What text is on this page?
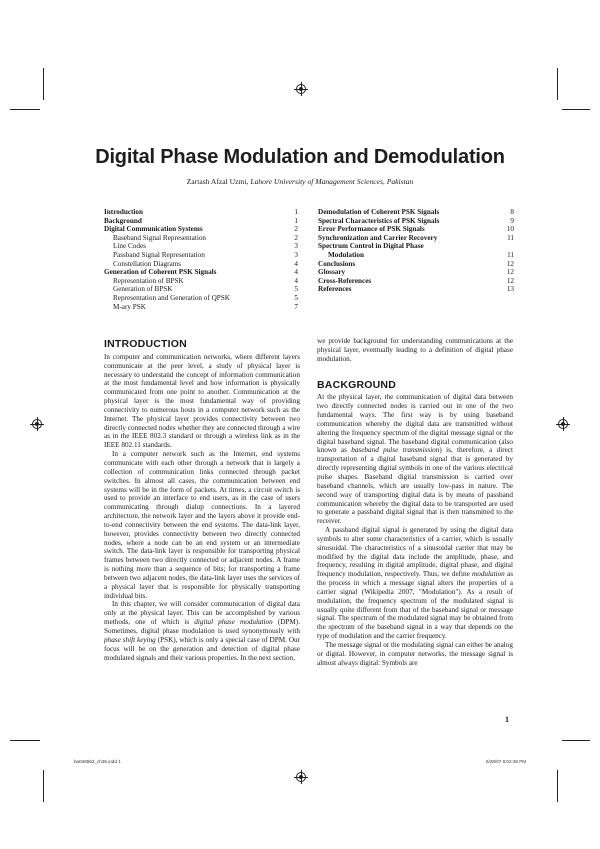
Digital Phase Modulation and Demodulation
Zartash Afzal Uzmi, Lahore University of Management Sciences, Pakistan
Introduction	1
Background	1
Digital Communication Systems	2
Baseband Signal Representation	2
Line Codes	3
Passband Signal Representation	3
Constellation Diagrams	4
Generation of Coherent PSK Signals	4
Representation of BPSK	4
Generation of BPSK	5
Representation and Generation of QPSK	5
M-ary PSK	7
Demodulation of Coherent PSK Signals	8
Spectral Characteristics of PSK Signals	9
Error Performance of PSK Signals	10
Synchronization and Carrier Recovery	11
Spectrum Control in Digital Phase
Modulation	11
Conclusions	12
Glossary	12
Cross-References	12
References	13
INTRODUCTION

In computer and communication networks, where different layers communicate at the peer level, a study of physical layer is necessary to understand the concept of information communication at the most fundamental level and how information is physically communicated from one point to another. Communication at the physical layer is the most fundamental way of providing connectivity to numerous hosts in a computer network such as the Internet. The physical layer provides connectivity between two directly connected nodes whether they are connected through a wire as in the IEEE 802.3 standard or through a wireless link as in the IEEE 802.11 standards.

In a computer network such as the Internet, end systems communicate with each other through a network that is largely a collection of communication links connected through packet switches. In almost all cases, the communication between end systems will be in the form of packets. At times, a circuit switch is used to provide an interface to end users, as in the case of users communicating through dialup connections. In a layered architecture, the network layer and the layers above it provide end-to-end connectivity between the end systems. The data-link layer, however, provides connectivity between two directly connected nodes, where a node can be an end system or an intermediate switch. The data-link layer is responsible for transporting physical frames between two directly connected or adjacent nodes. A frame is nothing more than a sequence of bits; for transporting a frame between two adjacent nodes, the data-link layer uses the services of a physical layer that is responsible for physically transporting individual bits.

In this chapter, we will consider communication of digital data only at the physical layer. This can be accomplished by various methods, one of which is digital phase modulation (DPM). Sometimes, digital phase modulation is used synonymously with phase shift keying (PSK), which is only a special case of DPM. Our focus will be on the generation and detection of digital phase modulated signals and their various properties. In the next section,

we provide background for understanding communications at the physical layer, eventually leading to a definition of digital phase modulation.

BACKGROUND

At the physical layer, the communication of digital data between two directly connected nodes is carried out in one of the two fundamental ways. The first way is by using baseband communication whereby the digital data are transmitted without altering the frequency spectrum of the digital message signal or the digital baseband signal. The baseband digital communication (also known as baseband pulse transmission) is, therefore, a direct transportation of a digital baseband signal that is generated by directly representing digital symbols in one of the various electrical pulse shapes. Baseband digital transmission is carried over baseband channels, which are usually low-pass in nature. The second way of transporting digital data is by means of passband communication whereby the digital data to be transported are used to generate a passband digital signal that is then transmitted to the receiver.

A passband digital signal is generated by using the digital data symbols to alter some characteristics of a carrier, which is usually sinusoidal. The characteristics of a sinusoidal carrier that may be modified by the digital data include the amplitude, phase, and frequency, resulting in digital amplitude, digital phase, and digital frequency modulation, respectively. Thus, we define modulation as the process in which a message signal alters the properties of a carrier signal (Wikipedia 2007, "Modulation"). As a result of modulation, the frequency spectrum of the modulated signal is usually quite different from that of the baseband signal or message signal. The spectrum of the modulated signal may be obtained from the spectrum of the baseband signal in a way that depends on the type of modulation and the carrier frequency.

The message signal or the modulating signal can either be analog or digital. However, in computer networks, the message signal is almost always digital: Symbols are

1
ba0465b2_ch35.indd 1	6/28/07 6:02:38 PM
